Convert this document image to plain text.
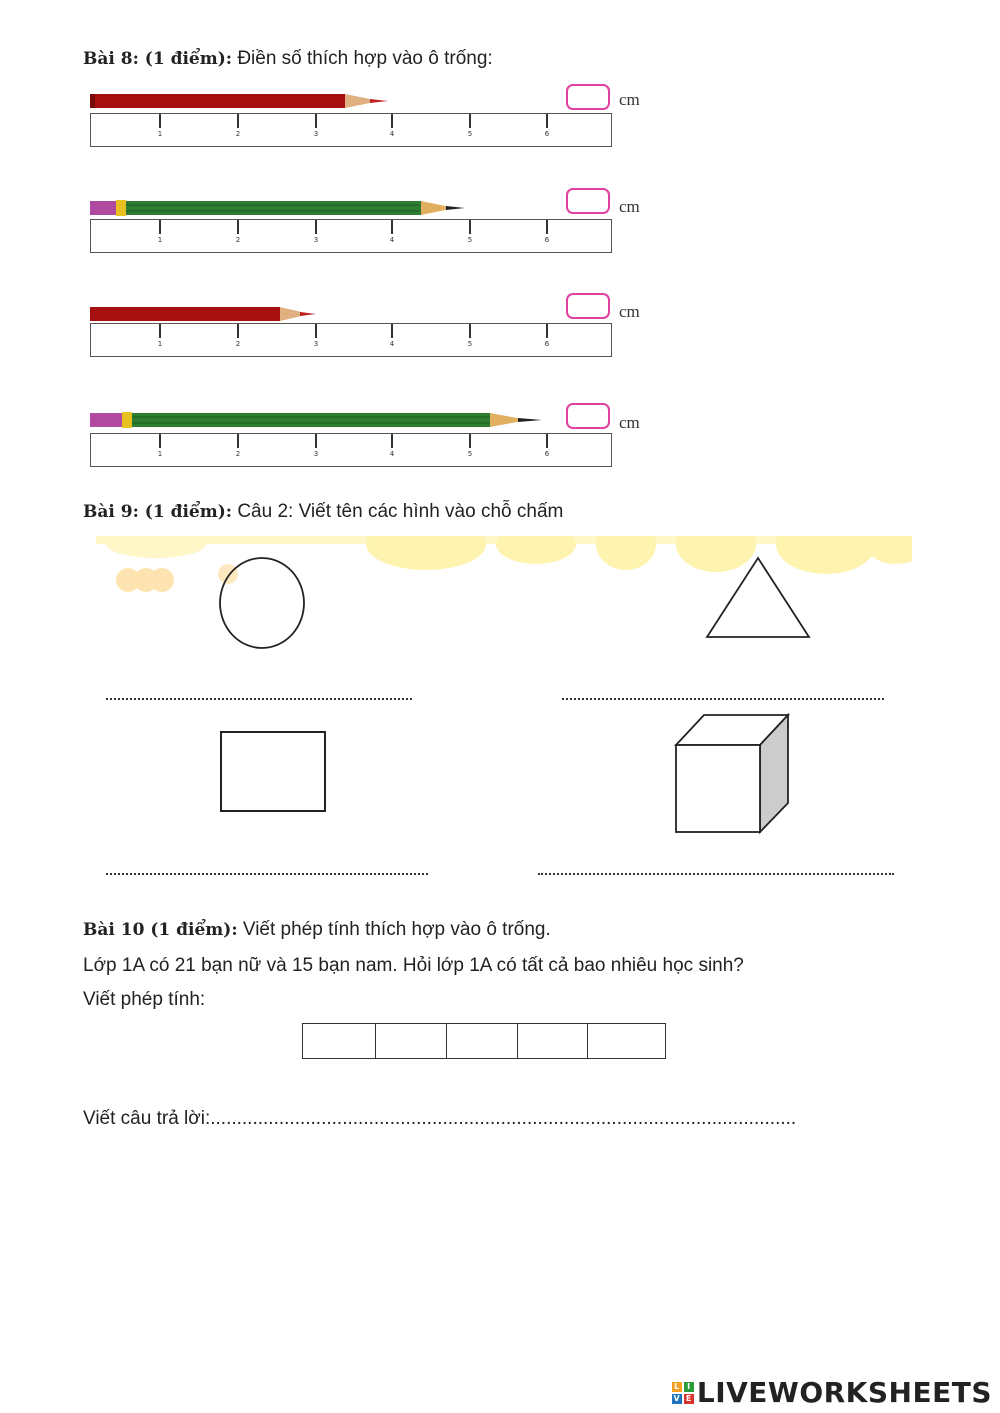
Bài 8: (1 điểm): Điền số thích hợp vào ô trống:
1	2	3	4	5	6
cm
1	2	3	4	5	6
cm
1	2	3	4	5	6
cm
1	2	3	4	5	6
cm
Bài 9: (1 điểm): Câu 2: Viết tên các hình vào chỗ chấm
Bài 10 (1 điểm): Viết phép tính thích hợp vào ô trống.
Lớp 1A có 21 bạn nữ và 15 bạn nam. Hỏi lớp 1A có tất cả bao nhiêu học sinh?
Viết phép tính:
Viết câu trả lời:...............................................................................................................
L I
V E LIVEWORKSHEETS
